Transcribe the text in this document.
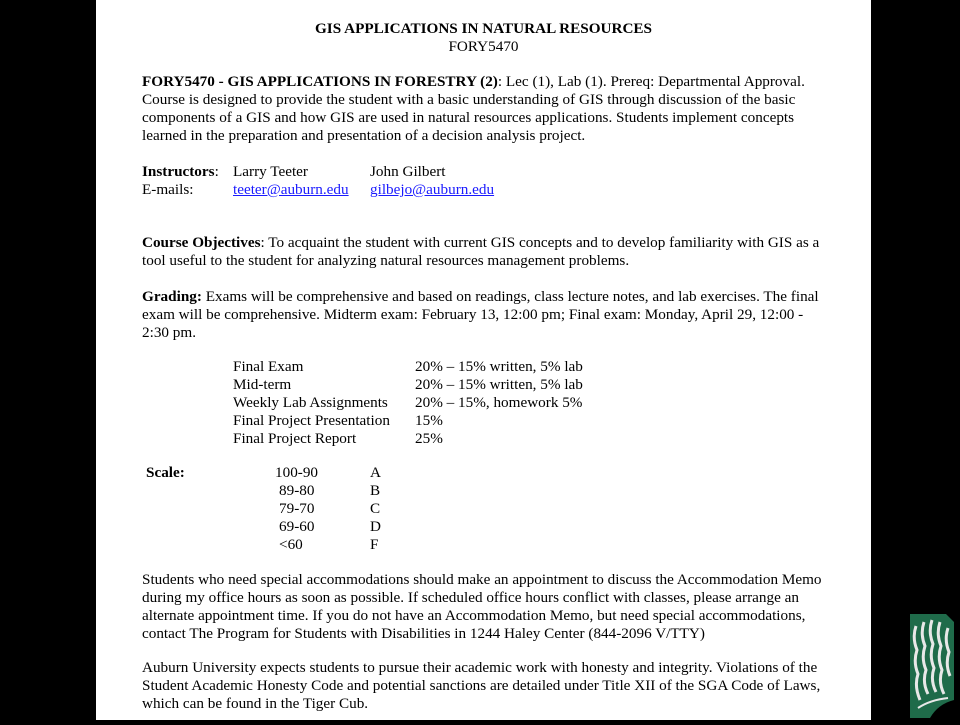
GIS APPLICATIONS IN NATURAL RESOURCES
FORY5470
FORY5470 - GIS APPLICATIONS IN FORESTRY (2): Lec (1), Lab (1). Prereq: Departmental Approval.
Course is designed to provide the student with a basic understanding of GIS through discussion of the basic
components of a GIS and how GIS are used in natural resources applications. Students implement concepts
learned in the preparation and presentation of a decision analysis project.
Instructors: Larry Teeter	John Gilbert
E-mails:	teeter@auburn.edu gilbejo@auburn.edu
Course Objectives: To acquaint the student with current GIS concepts and to develop familiarity with GIS as a
tool useful to the student for analyzing natural resources management problems.
Grading: Exams will be comprehensive and based on readings, class lecture notes, and lab exercises. The final
exam will be comprehensive. Midterm exam: February 13, 12:00 pm; Final exam: Monday, April 29, 12:00 -
2:30 pm.
Final Exam	20% – 15% written, 5% lab
Mid-term	20% – 15% written, 5% lab
Weekly Lab Assignments 20% – 15%, homework 5%
Final Project Presentation 15%
Final Project Report	25%
Scale:	100-90	A
89-80	B
79-70	C
69-60	D
<60	F
Students who need special accommodations should make an appointment to discuss the Accommodation Memo
during my office hours as soon as possible. If scheduled office hours conflict with classes, please arrange an
alternate appointment time. If you do not have an Accommodation Memo, but need special accommodations,
contact The Program for Students with Disabilities in 1244 Haley Center (844-2096 V/TTY)
Auburn University expects students to pursue their academic work with honesty and integrity. Violations of the
Student Academic Honesty Code and potential sanctions are detailed under Title XII of the SGA Code of Laws,
which can be found in the Tiger Cub.
